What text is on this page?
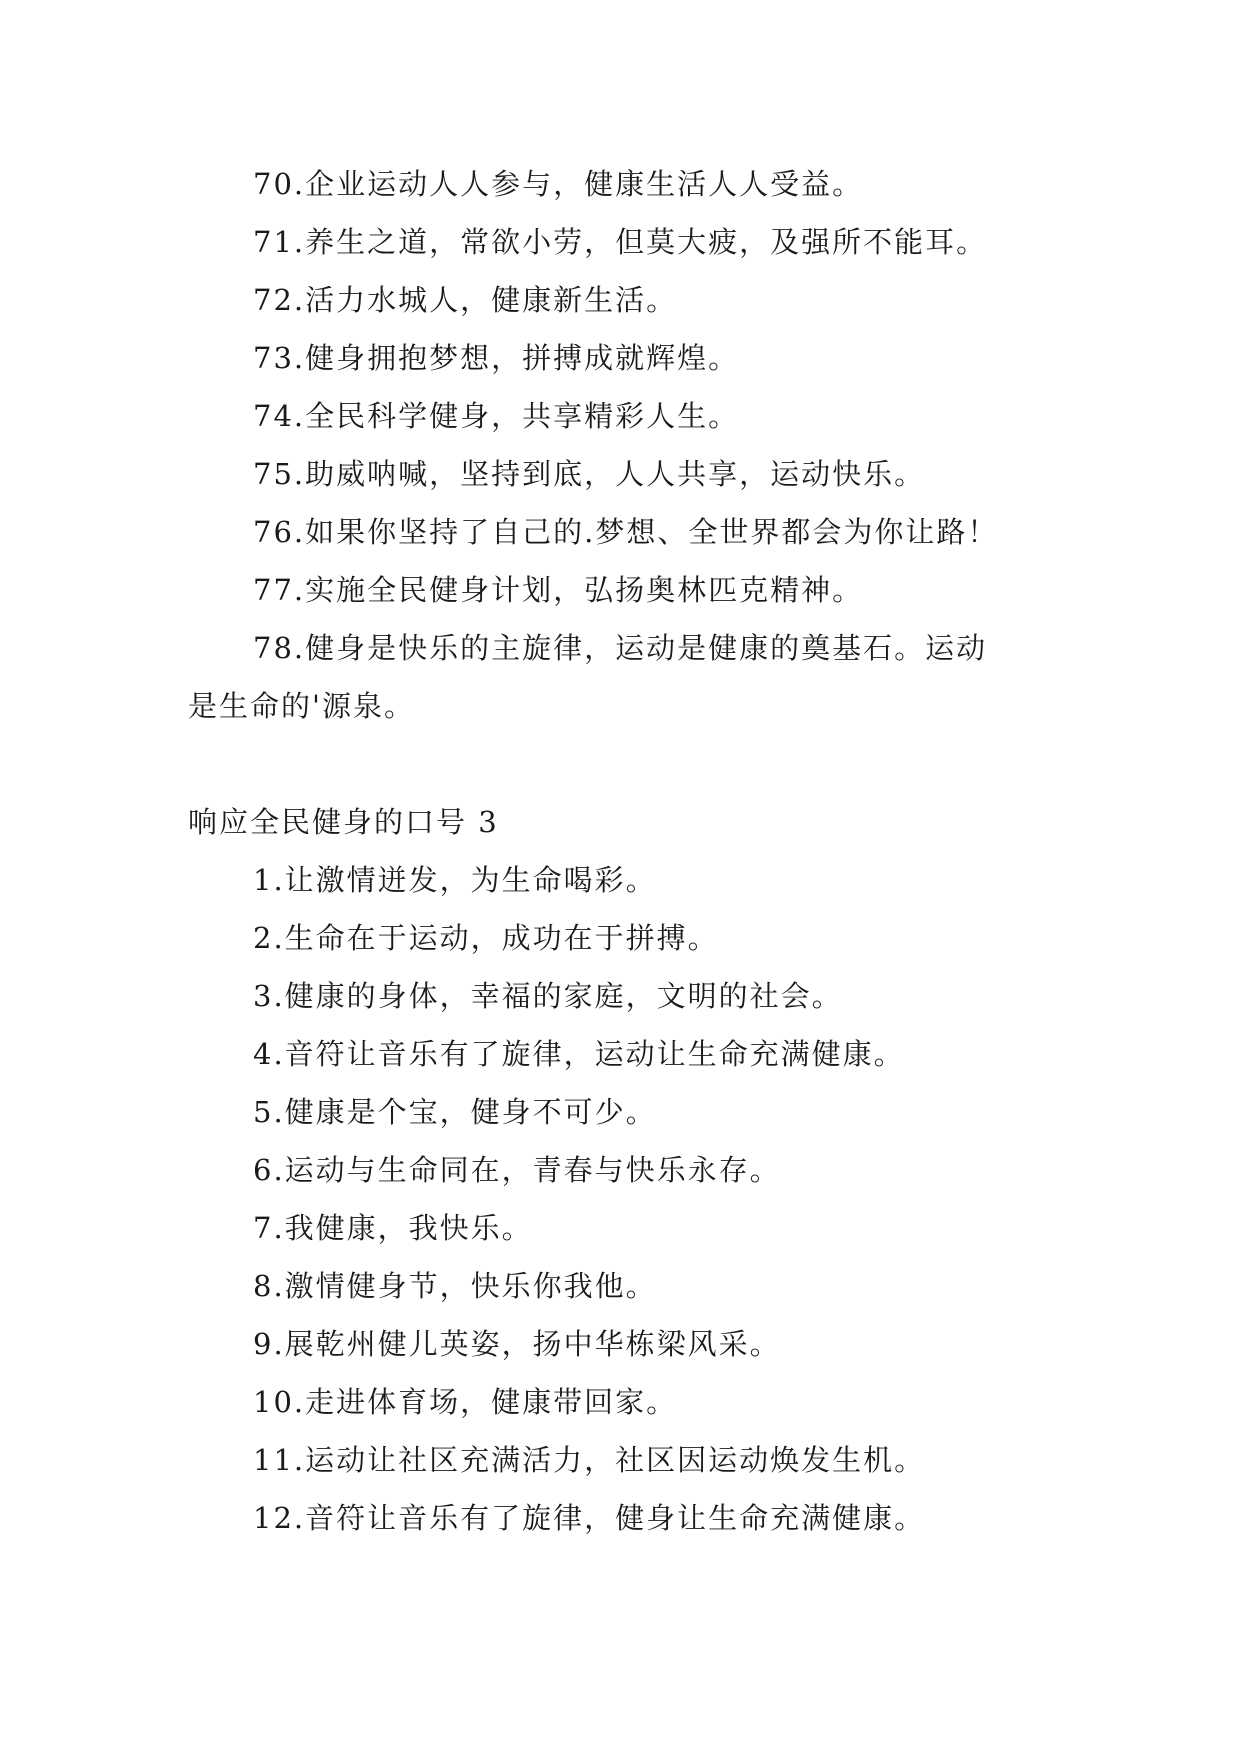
70.企业运动人人参与，健康生活人人受益。
71.养生之道，常欲小劳，但莫大疲，及强所不能耳。
72.活力水城人，健康新生活。
73.健身拥抱梦想，拼搏成就辉煌。
74.全民科学健身，共享精彩人生。
75.助威呐喊，坚持到底，人人共享，运动快乐。
76.如果你坚持了自己的.梦想、全世界都会为你让路！
77.实施全民健身计划，弘扬奥林匹克精神。
78.健身是快乐的主旋律，运动是健康的奠基石。运动
是生命的'源泉。
响应全民健身的口号 3
1.让激情迸发，为生命喝彩。
2.生命在于运动，成功在于拼搏。
3.健康的身体，幸福的家庭，文明的社会。
4.音符让音乐有了旋律，运动让生命充满健康。
5.健康是个宝，健身不可少。
6.运动与生命同在，青春与快乐永存。
7.我健康，我快乐。
8.激情健身节，快乐你我他。
9.展乾州健儿英姿，扬中华栋梁风采。
10.走进体育场，健康带回家。
11.运动让社区充满活力，社区因运动焕发生机。
12.音符让音乐有了旋律，健身让生命充满健康。
